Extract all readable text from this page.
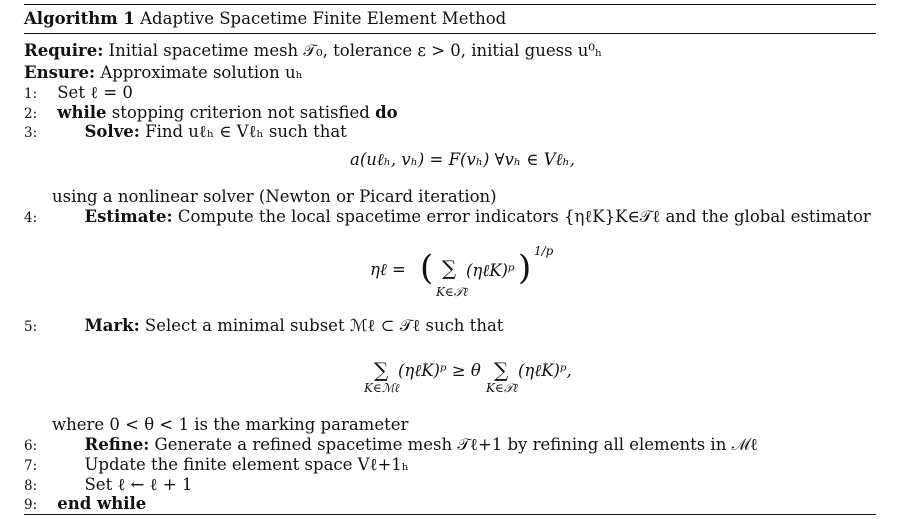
Algorithm 1 Adaptive Spacetime Finite Element Method
Require: Initial spacetime mesh 𝒯₀, tolerance ε > 0, initial guess u⁰ₕ
Ensure: Approximate solution uₕ
1: Set ℓ = 0
2: while stopping criterion not satisfied do
3:	Solve: Find uℓₕ ∈ Vℓₕ such that
a(uℓₕ, vₕ) = F(vₕ) ∀vₕ ∈ Vℓₕ,
using a nonlinear solver (Newton or Picard iteration)
4:	Estimate: Compute the local spacetime error indicators {ηℓK}K∈𝒯ℓ and the global estimator
ηℓ = ( ∑
K∈𝒯ℓ
(ηℓK)ᵖ ) 1/p
5:	Mark: Select a minimal subset ℳℓ ⊂ 𝒯ℓ such that
∑
K∈ℳℓ
(ηℓK)ᵖ ≥ θ ∑
K∈𝒯ℓ
(ηℓK)ᵖ,
where 0 < θ < 1 is the marking parameter
6:	Refine: Generate a refined spacetime mesh 𝒯ℓ+1 by refining all elements in ℳℓ
7:	Update the finite element space Vℓ+1ₕ
8:	Set ℓ ← ℓ + 1
9: end while
